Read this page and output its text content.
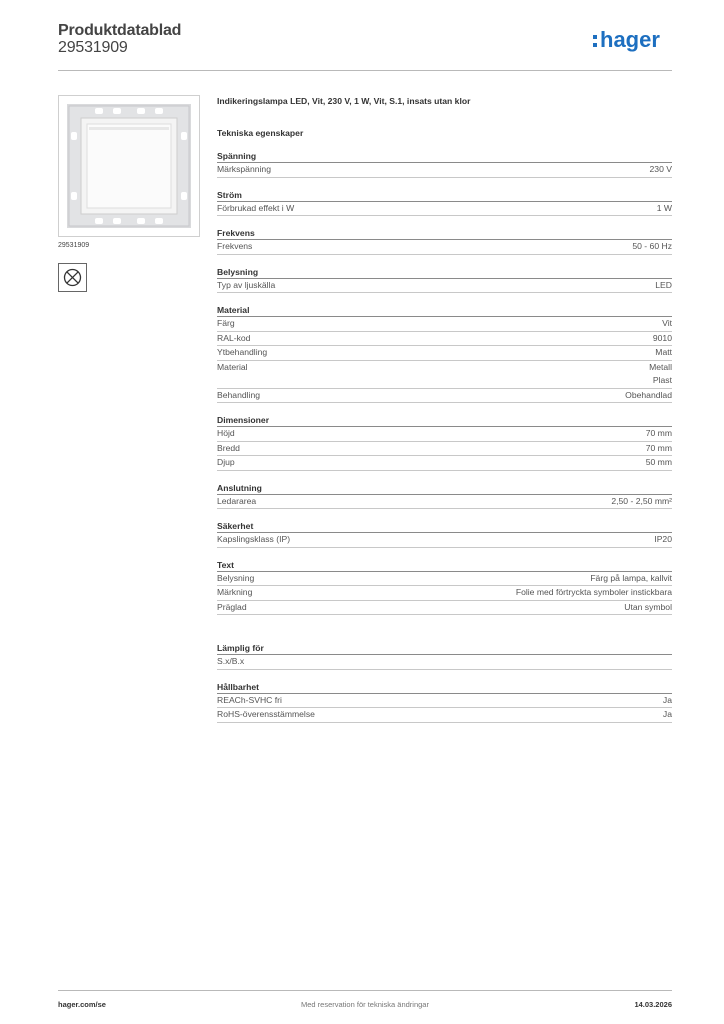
Produktdatablad
29531909	hager
29531909
Indikeringslampa LED, Vit, 230 V, 1 W, Vit, S.1, insats utan klor
Tekniska egenskaper
Spänning
Märkspänning	230 V
Ström
Förbrukad effekt i W	1 W
Frekvens
Frekvens	50 - 60 Hz
Belysning
Typ av ljuskälla	LED
Material
Färg	Vit
RAL-kod	9010
Ytbehandling	Matt
Material	Metall
Plast
Behandling	Obehandlad
Dimensioner
Höjd	70 mm
Bredd	70 mm
Djup	50 mm
Anslutning
Ledararea	2,50 - 2,50 mm²
Säkerhet
Kapslingsklass (IP)	IP20
Text
Belysning	Färg på lampa, kallvit
Märkning	Folie med förtryckta symboler instickbara
Präglad	Utan symbol
Lämplig för
S.x/B.x
Hållbarhet
REACh-SVHC fri	Ja
RoHS-överensstämmelse	Ja
hager.com/se	Med reservation för tekniska ändringar	14.03.2026
